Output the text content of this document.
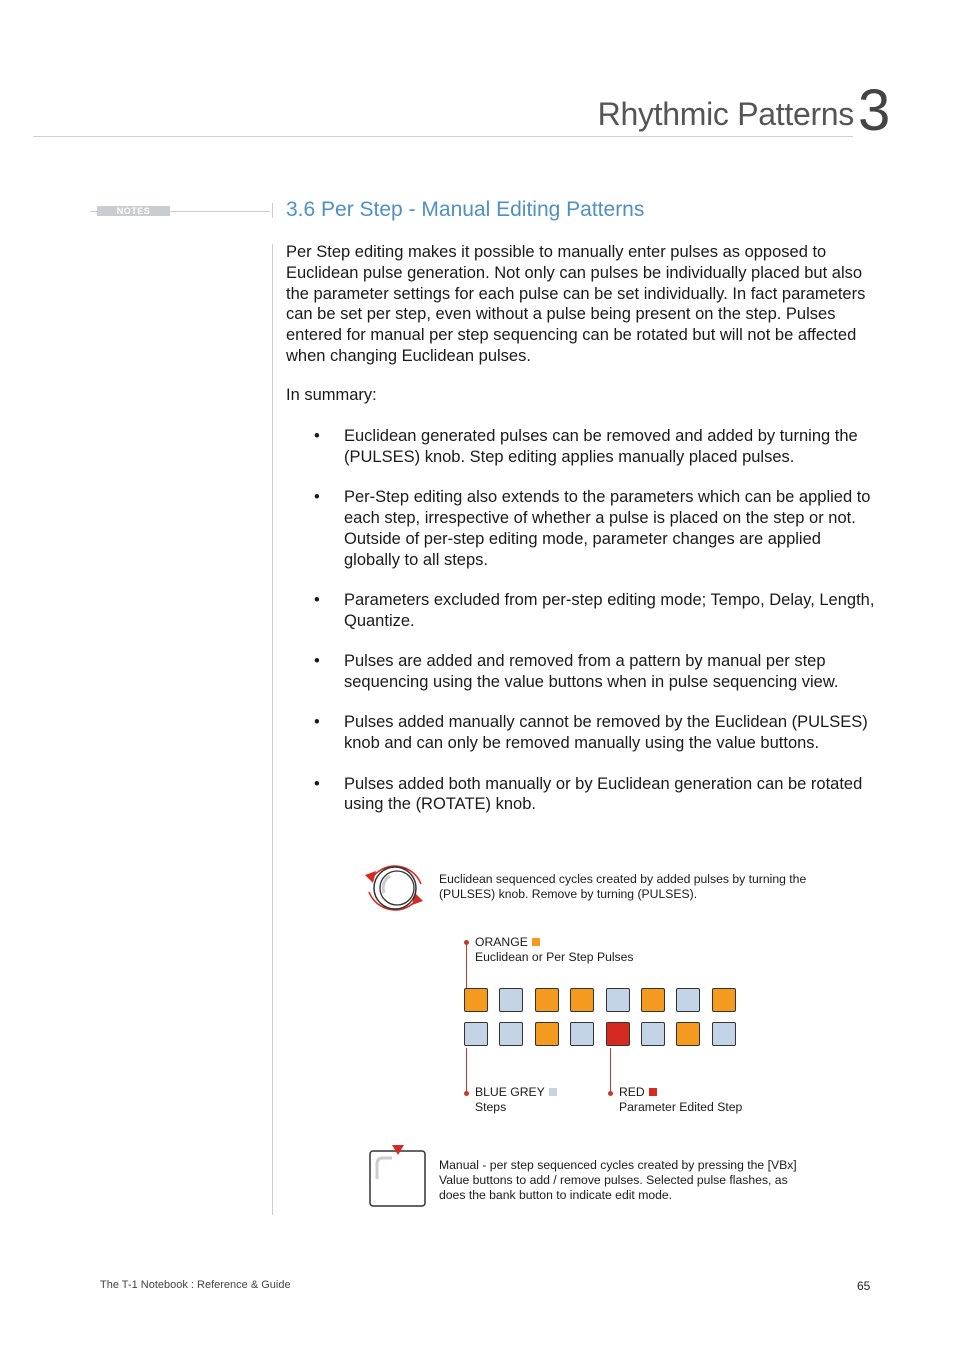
Rhythmic Patterns 3
NOTES	3.6 Per Step - Manual Editing Patterns
Per Step editing makes it possible to manually enter pulses as opposed to Euclidean pulse generation. Not only can pulses be individually placed but also the parameter settings for each pulse can be set individually. In fact parameters can be set per step, even without a pulse being present on the step. Pulses entered for manual per step sequencing can be rotated but will not be affected when changing Euclidean pulses.
In summary:
• Euclidean generated pulses can be removed and added by turning the (PULSES) knob. Step editing applies manually placed pulses.
• Per-Step editing also extends to the parameters which can be applied to each step, irrespective of whether a pulse is placed on the step or not. Outside of per-step editing mode, parameter changes are applied globally to all steps.
• Parameters excluded from per-step editing mode; Tempo, Delay, Length, Quantize.
• Pulses are added and removed from a pattern by manual per step sequencing using the value buttons when in pulse sequencing view.
• Pulses added manually cannot be removed by the Euclidean (PULSES) knob and can only be removed manually using the value buttons.
• Pulses added both manually or by Euclidean generation can be rotated using the (ROTATE) knob.
Euclidean sequenced cycles created by added pulses by turning the (PULSES) knob. Remove by turning (PULSES).
ORANGE
Euclidean or Per Step Pulses
BLUE GREY
Steps
RED
Parameter Edited Step
Manual - per step sequenced cycles created by pressing the [VBx] Value buttons to add / remove pulses. Selected pulse flashes, as does the bank button to indicate edit mode.
The T-1 Notebook : Reference & Guide	65
